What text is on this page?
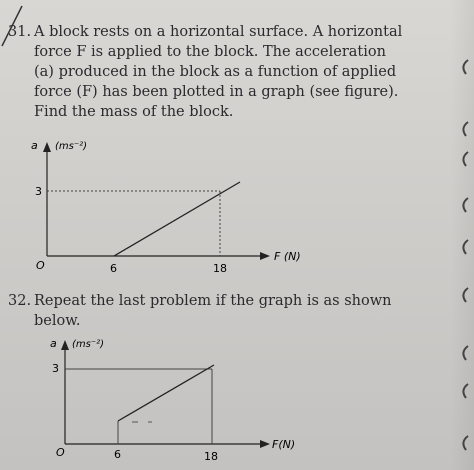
31. A block rests on a horizontal surface. A horizontal
force F is applied to the block. The acceleration
(a) produced in the block as a function of applied
force (F) has been plotted in a graph (see figure).
Find the mass of the block.
a (ms⁻²)
3
O	6	18
F (N)
32. Repeat the last problem if the graph is as shown
below.
a (ms⁻²)
3
O	6	18
F(N)
